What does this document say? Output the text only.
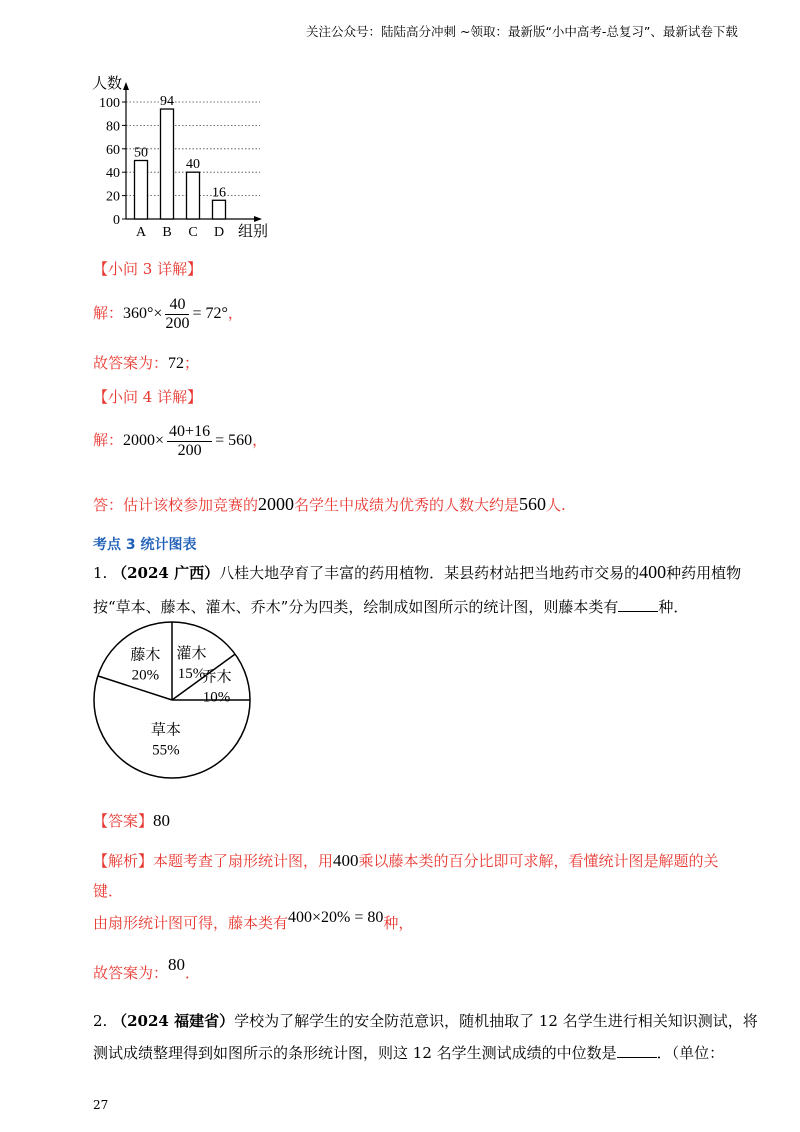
关注公众号：陆陆高分冲刺 ~领取：最新版“小中高考-总复习”、最新试卷下载
0
20
40
60
80
100
人数
组别
50
A
94
B
40
C
16
D
【小问 3 详解】
解：$360^\circ\times \frac{40}{200} = 72^\circ$，
故答案为：72；
【小问 4 详解】
解：$2000\times \frac{40+16}{200} = 560$，
答：估计该校参加竞赛的2000名学生中成绩为优秀的人数大约是560人.
考点 3 统计图表
1. （2024 广西）八桂大地孕育了丰富的药用植物．某县药材站把当地药市交易的400种药用植物
按“草本、藤本、灌木、乔木”分为四类，绘制成如图所示的统计图，则藤本类有	种．
藤木
20%
灌木
15%
乔木
10%
草本
55%
【答案】80
【解析】本题考查了扇形统计图，用400乘以藤本类的百分比即可求解，看懂统计图是解题的关
键．
由扇形统计图可得，藤本类有400×20% = 80种，
故答案为：80．
2. （2024 福建省）学校为了解学生的安全防范意识，随机抽取了 12 名学生进行相关知识测试，将
测试成绩整理得到如图所示的条形统计图，则这 12 名学生测试成绩的中位数是	．（单位：
27
